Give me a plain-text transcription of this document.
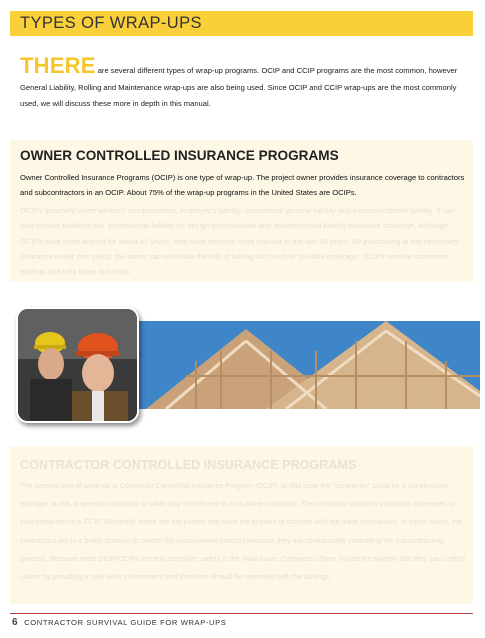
TYPES OF WRAP-UPS

THERE are several different types of wrap-up programs. OCIP and CCIP programs are the most common, however General Liability, Rolling and Maintenance wrap-ups are also being used. Since OCIP and CCIP wrap-ups are the most commonly used, we will discuss these more in depth in this manual.

OWNER CONTROLLED INSURANCE PROGRAMS

Owner Controlled Insurance Programs (OCIP) is one type of wrap-up. The project owner provides insurance coverage to contractors and subcontractors in an OCIP. About 75% of the wrap-up programs in the United States are OCIPs.

OCIPs generally cover workers' compensation, employer's liability, commercial general liability and excess/umbrella liability. It can also include builder's risk, professional liability for design professionals and environmental liability insurance coverage. Although OCIPs have been around for about 40 years, they have become more popular in the last 10 years. By purchasing at the necessary insurance under one policy, the owner can eliminate the risk of having too much or too little coverage. OCIPs remove contractor markup and help lower bid costs.

CONTRACTOR CONTROLLED INSURANCE PROGRAMS

The second type of wrap-up is Contractor Controlled Insurance Program (CCIP). In this case the "contractor" could be a construction manager at risk, a general contractor or what may be referred to as a prime contractor. The contractor provides insurance coverages to subcontractors in a CCIP. Generally, these are the parties that have the privities of contract with the trade contractors. In some cases, the contractors are in a better position to control the procurement process because they are contractually controlling the subcontracting process. Because most OCIP/CCIPs are less sensitive, safety is the main issue. Contractors have voiced the opinion that they can control claims by providing a safe work environment and therefore should be rewarded with the savings.

6 CONTRACTOR SURVIVAL GUIDE FOR WRAP-UPS
